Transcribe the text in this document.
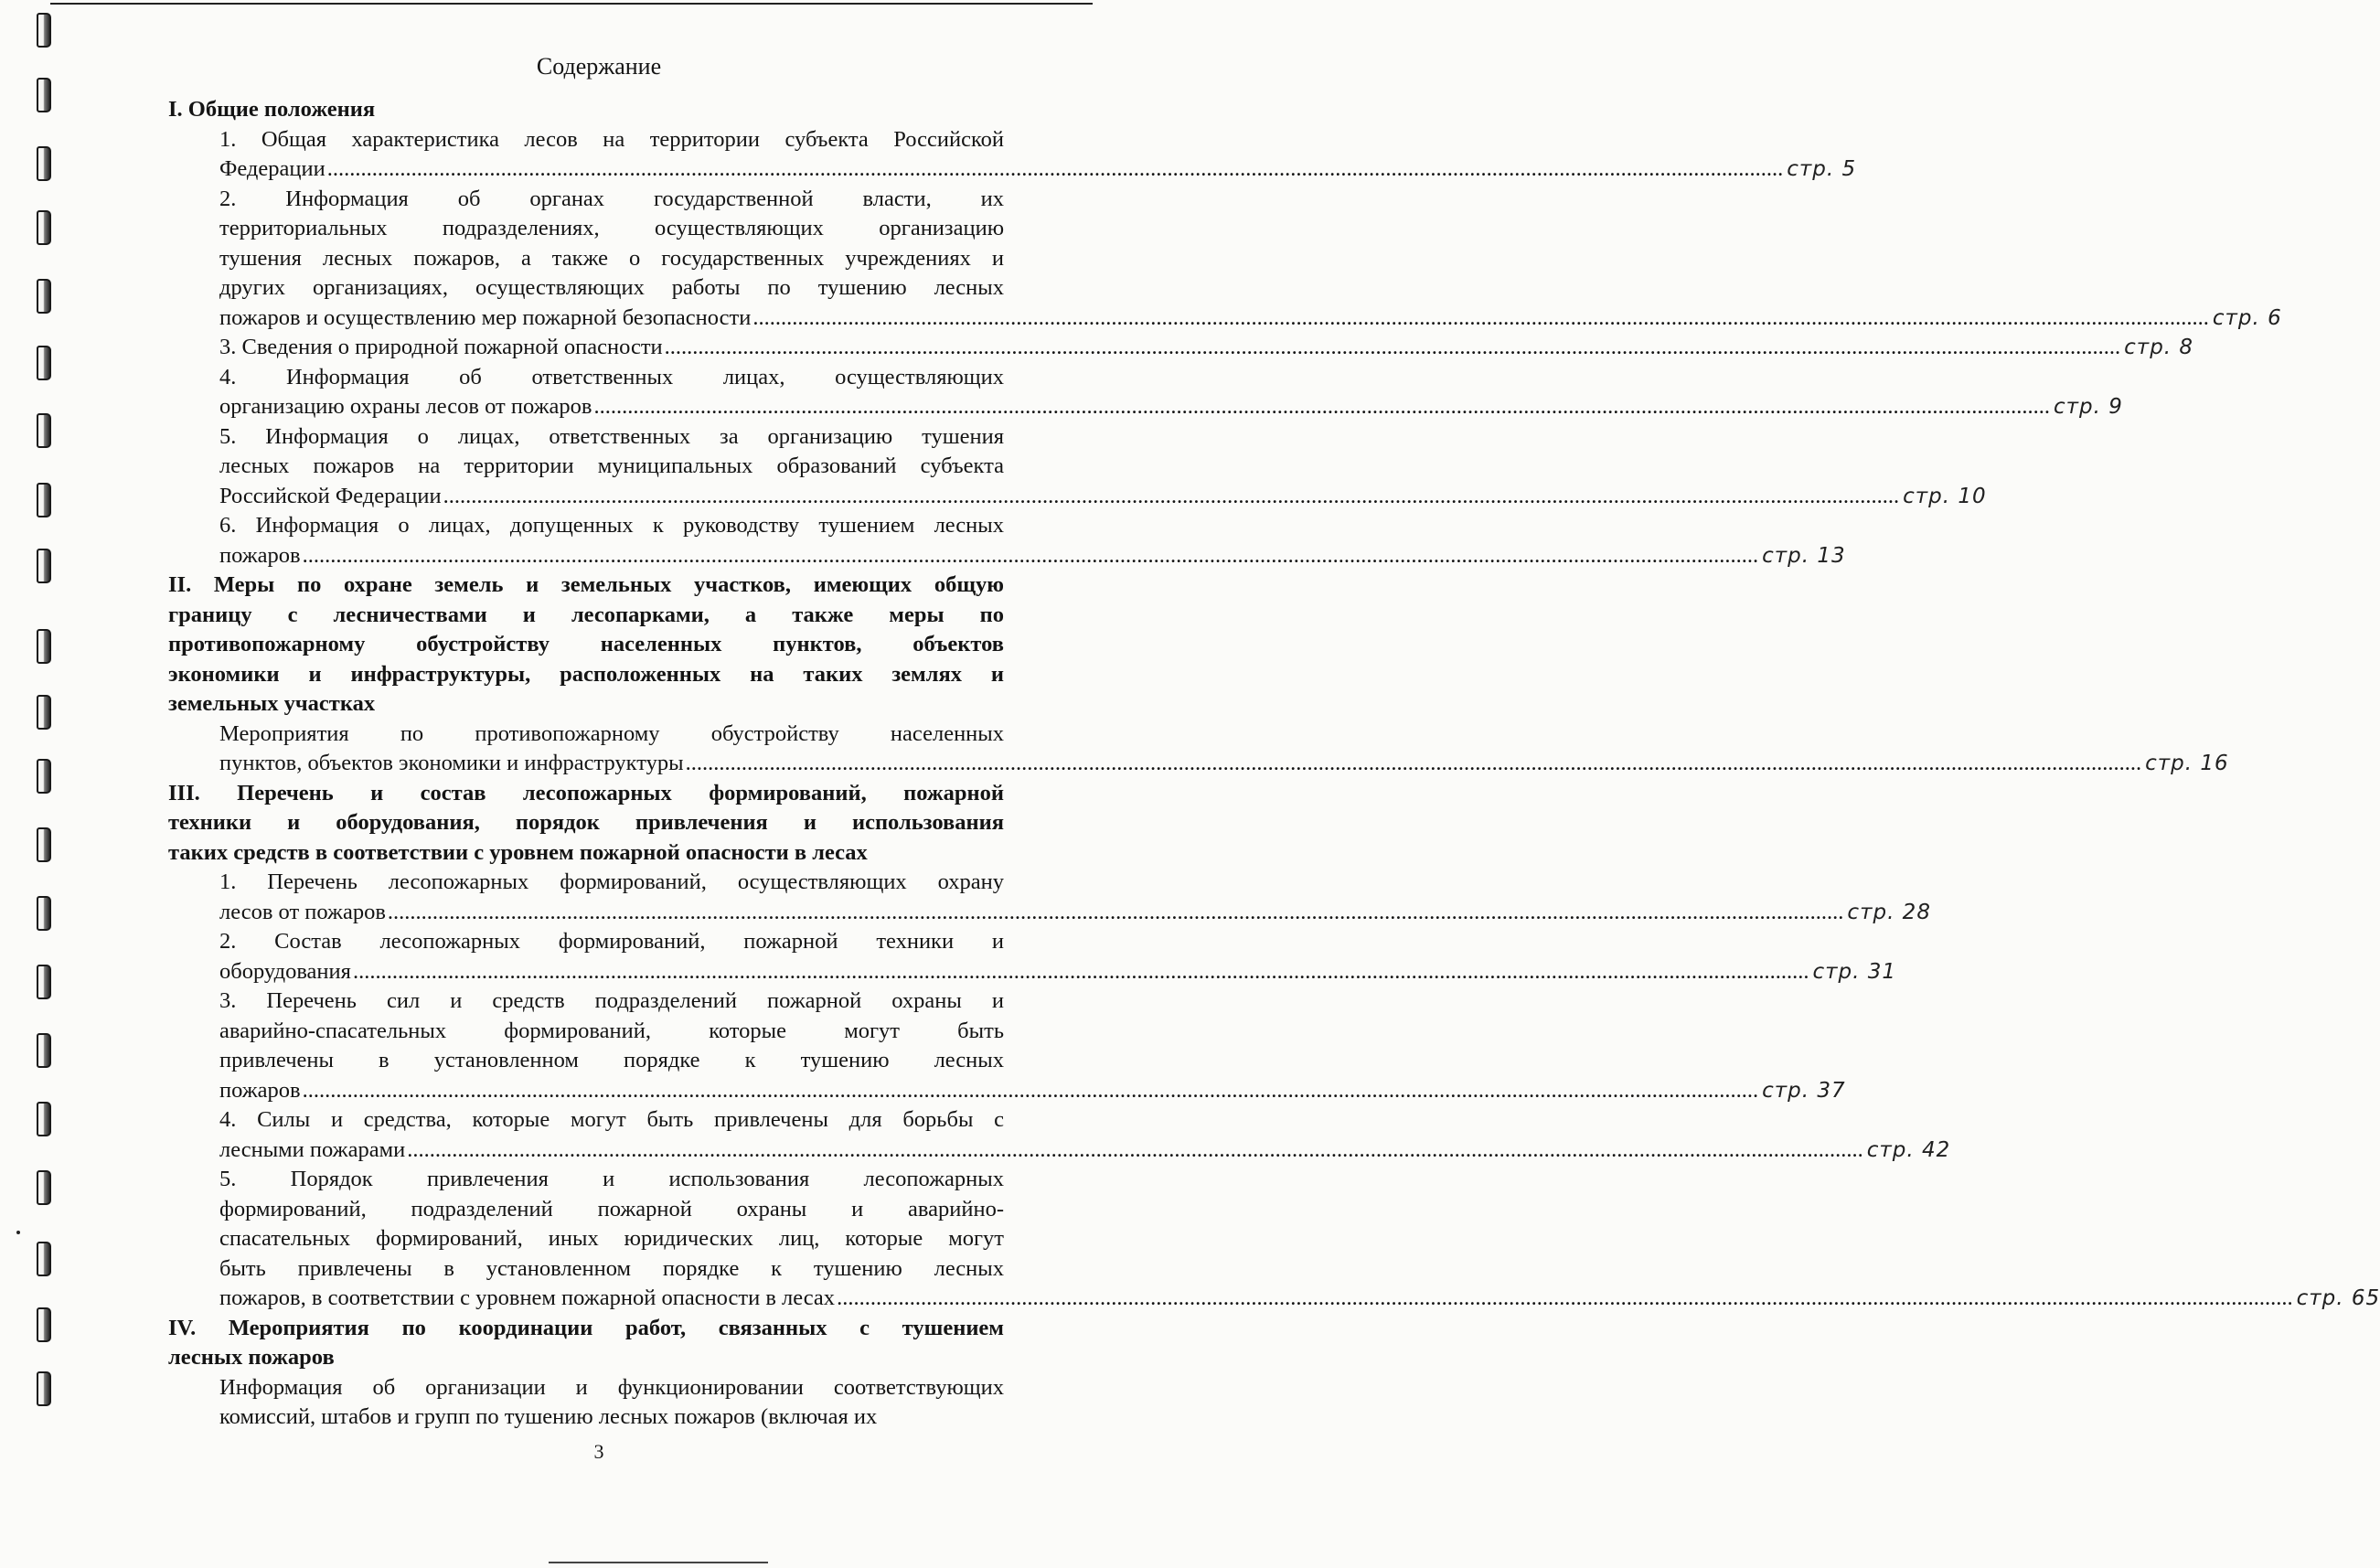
Содержание
I. Общие положения
1. Общая характеристика лесов на территории субъекта Российской
Федерации .................................................................................................................................................................................................................................................................... стр. 5
2. Информация об органах государственной власти, их
территориальных подразделениях, осуществляющих организацию
тушения лесных пожаров, а также о государственных учреждениях и
других организациях, осуществляющих работы по тушению лесных
пожаров и осуществлению мер пожарной безопасности .................................................................................................................................................................................................................................................................... стр. 6
3. Сведения о природной пожарной опасности .................................................................................................................................................................................................................................................................... стр. 8
4. Информация об ответственных лицах, осуществляющих
организацию охраны лесов от пожаров .................................................................................................................................................................................................................................................................... стр. 9
5. Информация о лицах, ответственных за организацию тушения
лесных пожаров на территории муниципальных образований субъекта
Российской Федерации .................................................................................................................................................................................................................................................................... стр. 10
6. Информация о лицах, допущенных к руководству тушением лесных
пожаров .................................................................................................................................................................................................................................................................... стр. 13
II. Меры по охране земель и земельных участков, имеющих общую
границу с лесничествами и лесопарками, а также меры по
противопожарному обустройству населенных пунктов, объектов
экономики и инфраструктуры, расположенных на таких землях и
земельных участках
Мероприятия по противопожарному обустройству населенных
пунктов, объектов экономики и инфраструктуры .................................................................................................................................................................................................................................................................... стр. 16
III. Перечень и состав лесопожарных формирований, пожарной
техники и оборудования, порядок привлечения и использования
таких средств в соответствии с уровнем пожарной опасности в лесах
1. Перечень лесопожарных формирований, осуществляющих охрану
лесов от пожаров .................................................................................................................................................................................................................................................................... стр. 28
2. Состав лесопожарных формирований, пожарной техники и
оборудования .................................................................................................................................................................................................................................................................... стр. 31
3. Перечень сил и средств подразделений пожарной охраны и
аварийно-спасательных формирований, которые могут быть
привлечены в установленном порядке к тушению лесных
пожаров .................................................................................................................................................................................................................................................................... стр. 37
4. Силы и средства, которые могут быть привлечены для борьбы с
лесными пожарами .................................................................................................................................................................................................................................................................... стр. 42
5. Порядок привлечения и использования лесопожарных
формирований, подразделений пожарной охраны и аварийно-
спасательных формирований, иных юридических лиц, которые могут
быть привлечены в установленном порядке к тушению лесных
пожаров, в соответствии с уровнем пожарной опасности в лесах .................................................................................................................................................................................................................................................................... стр. 65
IV. Мероприятия по координации работ, связанных с тушением
лесных пожаров
Информация об организации и функционировании соответствующих
комиссий, штабов и групп по тушению лесных пожаров (включая их
3
